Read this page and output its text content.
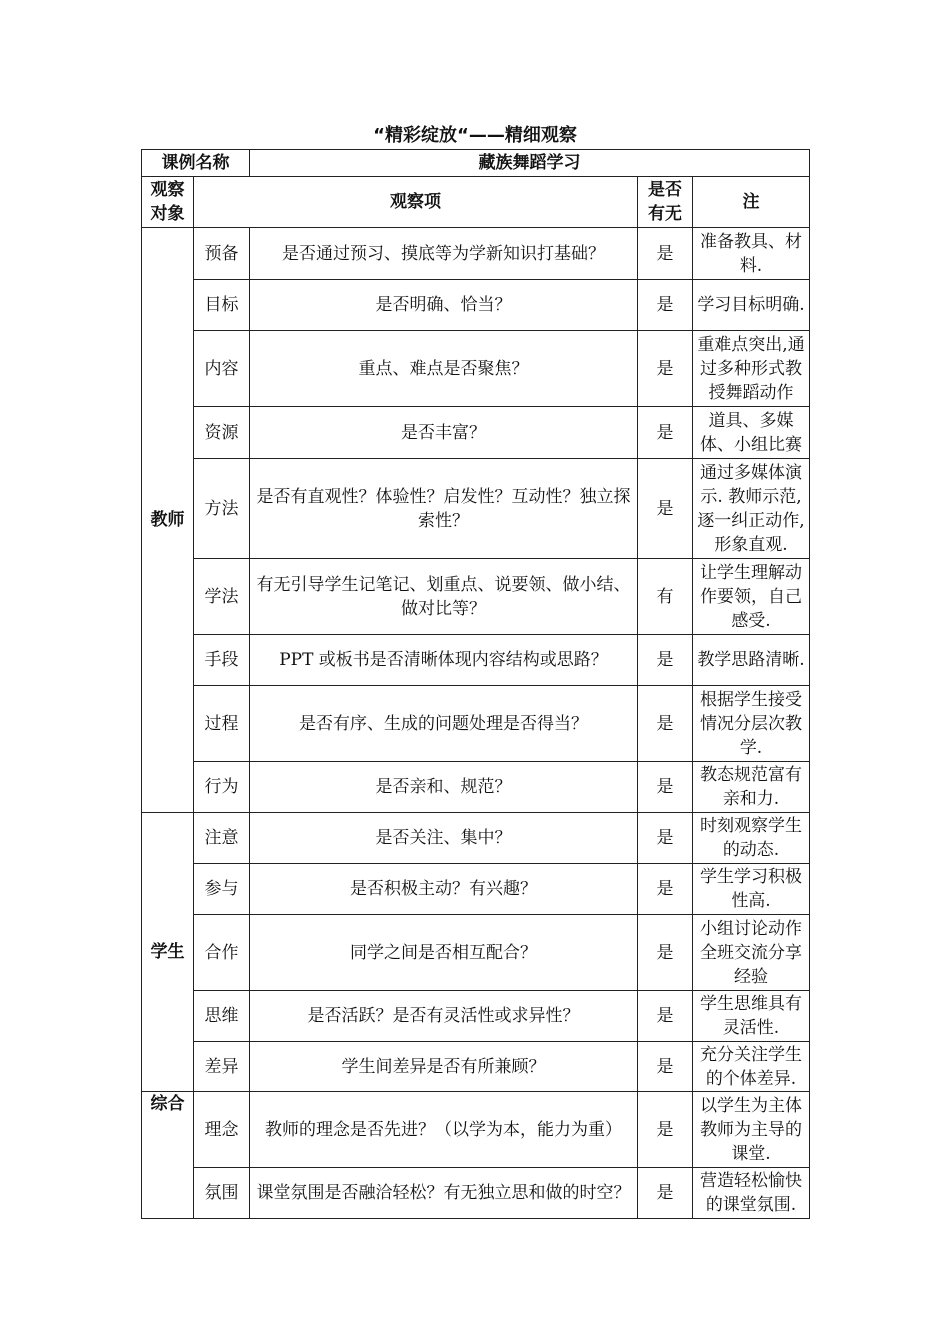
“精彩绽放“——精细观察
课例名称		藏族舞蹈学习		
观察对象	观察项		是否有无	注
教师	预备	是否通过预习、摸底等为学新知识打基础？	是	准备教具、材料.
	目标	是否明确、恰当？	是	学习目标明确.
	内容	重点、难点是否聚焦？	是	重难点突出,通过多种形式教授舞蹈动作
	资源	是否丰富？	是	道具、多媒体、小组比赛
	方法	是否有直观性？体验性？启发性？互动性？独立探索性？	是	通过多媒体演示. 教师示范,逐一纠正动作,形象直观.
	学法	有无引导学生记笔记、划重点、说要领、做小结、做对比等？	有	让学生理解动作要领，自己感受.
	手段	PPT 或板书是否清晰体现内容结构或思路？	是	教学思路清晰.
	过程	是否有序、生成的问题处理是否得当？	是	根据学生接受情况分层次教学.
	行为	是否亲和、规范？	是	教态规范富有亲和力.
学生	注意	是否关注、集中？	是	时刻观察学生的动态.
	参与	是否积极主动？有兴趣？	是	学生学习积极性高.
	合作	同学之间是否相互配合？	是	小组讨论动作全班交流分享经验
	思维	是否活跃？是否有灵活性或求异性？	是	学生思维具有灵活性.
	差异	学生间差异是否有所兼顾？	是	充分关注学生的个体差异.
综合	理念	教师的理念是否先进？（以学为本，能力为重）	是	以学生为主体教师为主导的课堂.
	氛围	课堂氛围是否融洽轻松？有无独立思和做的时空？	是	营造轻松愉快的课堂氛围.
